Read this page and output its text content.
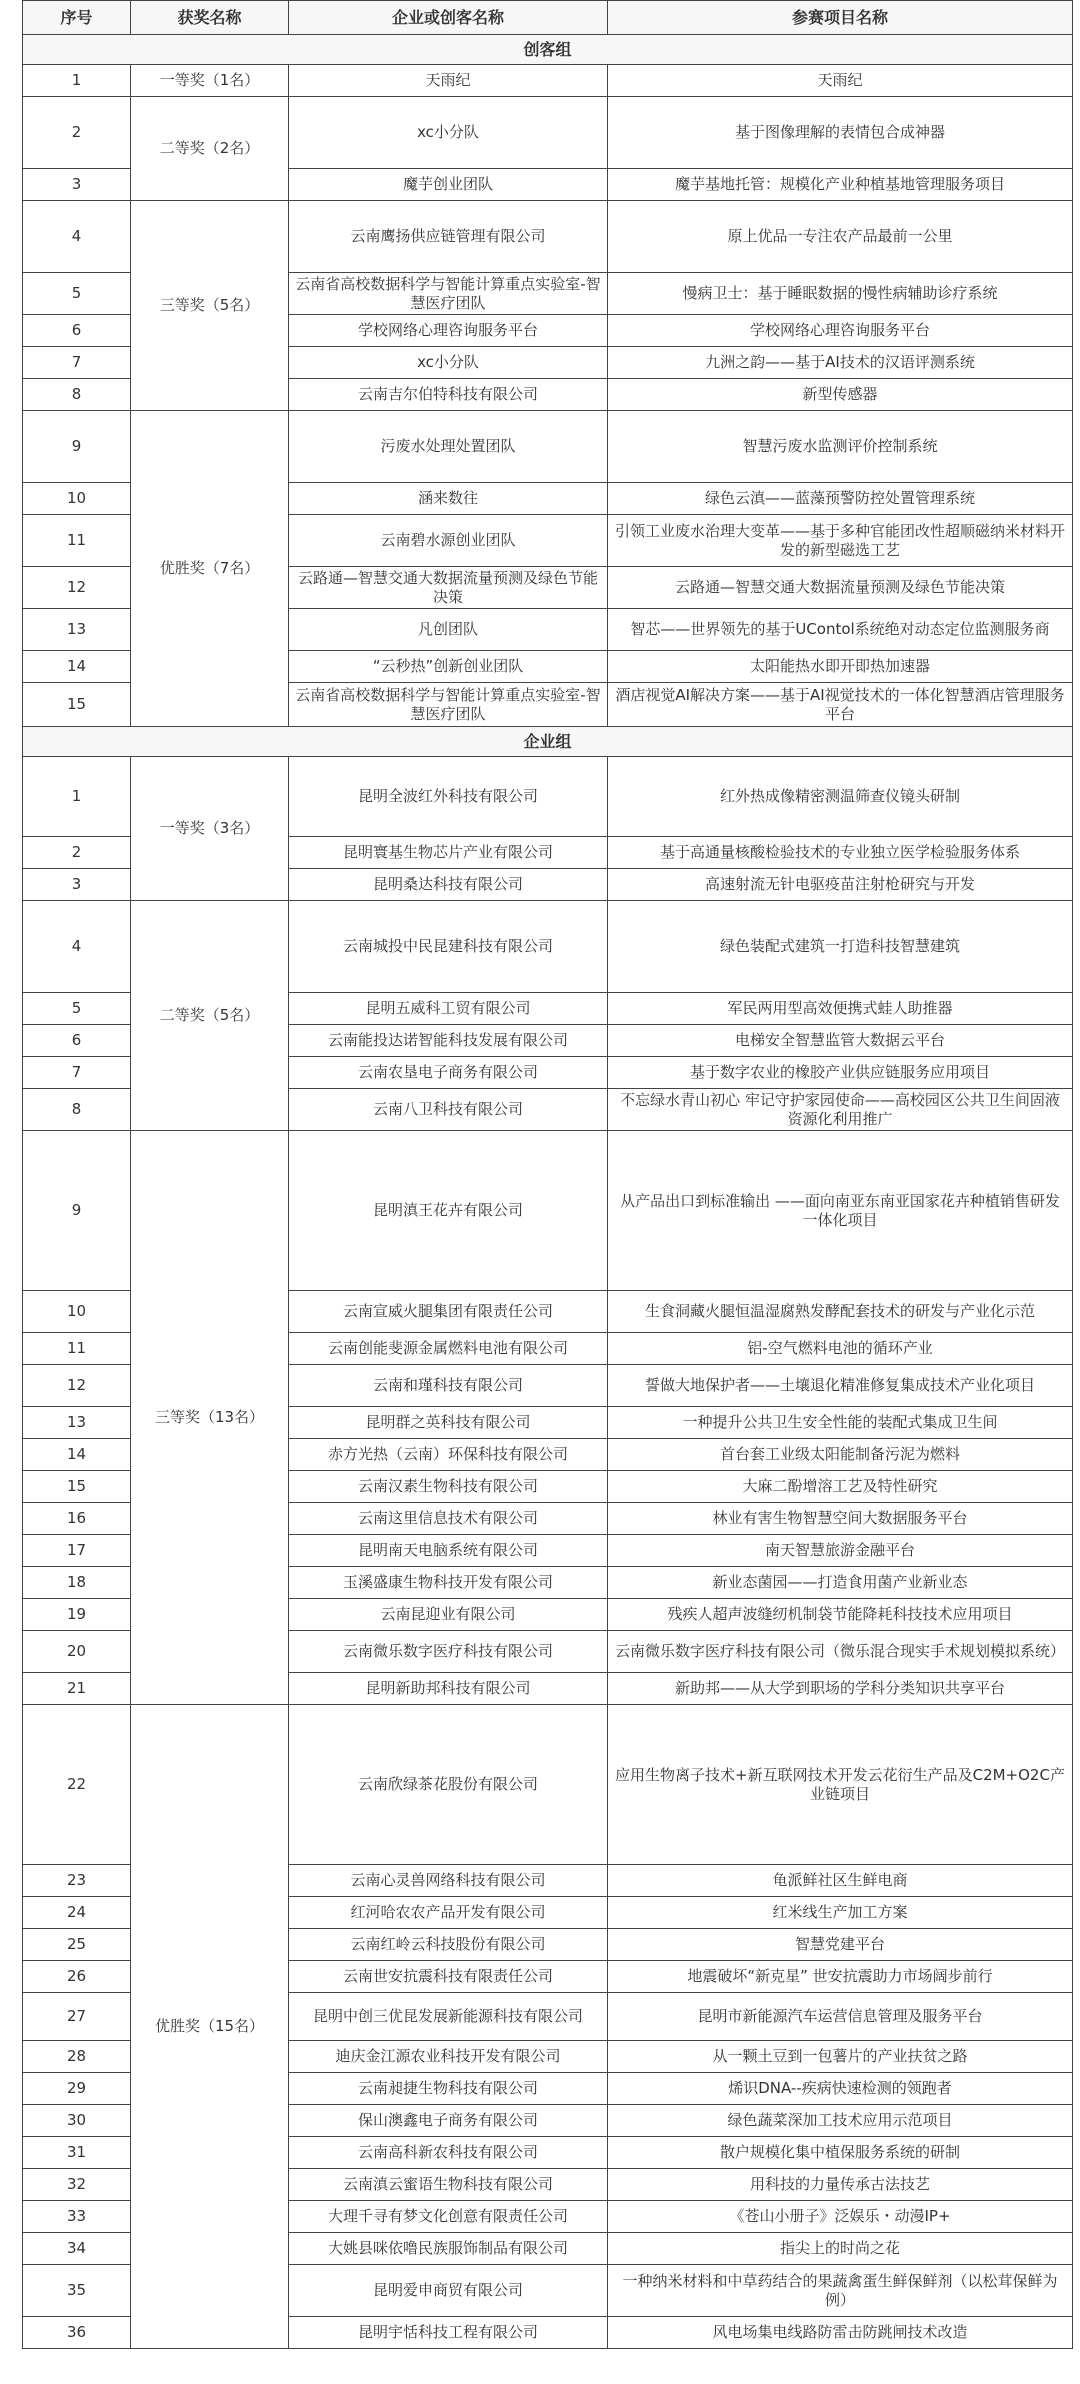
序号	获奖名称	企业或创客名称	参赛项目名称
创客组			
1	一等奖（1名）	天雨纪	天雨纪
2	二等奖（2名）	xc小分队	基于图像理解的表情包合成神器
3		魔芋创业团队	魔芋基地托管：规模化产业种植基地管理服务项目
4	三等奖（5名）	云南鹰扬供应链管理有限公司	原上优品一专注农产品最前一公里
5		云南省高校数据科学与智能计算重点实验室-智慧医疗团队	慢病卫士：基于睡眠数据的慢性病辅助诊疗系统
6		学校网络心理咨询服务平台	学校网络心理咨询服务平台
7		xc小分队	九洲之韵——基于AI技术的汉语评测系统
8		云南吉尔伯特科技有限公司	新型传感器
9	优胜奖（7名）	污废水处理处置团队	智慧污废水监测评价控制系统
10		涵来数往	绿色云滇——蓝藻预警防控处置管理系统
11		云南碧水源创业团队	引领工业废水治理大变革——基于多种官能团改性超顺磁纳米材料开发的新型磁选工艺
12		云路通—智慧交通大数据流量预测及绿色节能决策	云路通—智慧交通大数据流量预测及绿色节能决策
13		凡创团队	智芯——世界领先的基于UContol系统绝对动态定位监测服务商
14		“云秒热”创新创业团队	太阳能热水即开即热加速器
15		云南省高校数据科学与智能计算重点实验室-智慧医疗团队	酒店视觉AI解决方案——基于AI视觉技术的一体化智慧酒店管理服务平台
企业组			
1	一等奖（3名）	昆明全波红外科技有限公司	红外热成像精密测温筛查仪镜头研制
2		昆明寰基生物芯片产业有限公司	基于高通量核酸检验技术的专业独立医学检验服务体系
3		昆明桑达科技有限公司	高速射流无针电驱疫苗注射枪研究与开发
4	二等奖（5名）	云南城投中民昆建科技有限公司	绿色装配式建筑一打造科技智慧建筑
5		昆明五威科工贸有限公司	军民两用型高效便携式蛙人助推器
6		云南能投达诺智能科技发展有限公司	电梯安全智慧监管大数据云平台
7		云南农垦电子商务有限公司	基于数字农业的橡胶产业供应链服务应用项目
8		云南八卫科技有限公司	不忘绿水青山初心 牢记守护家园使命——高校园区公共卫生间固液资源化利用推广
9	三等奖（13名）	昆明滇王花卉有限公司	从产品出口到标准输出 ——面向南亚东南亚国家花卉种植销售研发一体化项目
10		云南宣威火腿集团有限责任公司	生食洞藏火腿恒温湿腐熟发酵配套技术的研发与产业化示范
11		云南创能斐源金属燃料电池有限公司	铝-空气燃料电池的循环产业
12		云南和瑾科技有限公司	誓做大地保护者——土壤退化精准修复集成技术产业化项目
13		昆明群之英科技有限公司	一种提升公共卫生安全性能的装配式集成卫生间
14		赤方光热（云南）环保科技有限公司	首台套工业级太阳能制备污泥为燃料
15		云南汉素生物科技有限公司	大麻二酚增溶工艺及特性研究
16		云南这里信息技术有限公司	林业有害生物智慧空间大数据服务平台
17		昆明南天电脑系统有限公司	南天智慧旅游金融平台
18		玉溪盛康生物科技开发有限公司	新业态菌园——打造食用菌产业新业态
19		云南昆迎业有限公司	残疾人超声波缝纫机制袋节能降耗科技技术应用项目
20		云南微乐数字医疗科技有限公司	云南微乐数字医疗科技有限公司（微乐混合现实手术规划模拟系统）
21		昆明新助邦科技有限公司	新助邦——从大学到职场的学科分类知识共享平台
22	优胜奖（15名）	云南欣绿茶花股份有限公司	应用生物离子技术+新互联网技术开发云花衍生产品及C2M+O2C产业链项目
23		云南心灵兽网络科技有限公司	龟派鲜社区生鲜电商
24		红河哈农农产品开发有限公司	红米线生产加工方案
25		云南红岭云科技股份有限公司	智慧党建平台
26		云南世安抗震科技有限责任公司	地震破坏“新克星” 世安抗震助力市场阔步前行
27		昆明中创三优昆发展新能源科技有限公司	昆明市新能源汽车运营信息管理及服务平台
28		迪庆金江源农业科技开发有限公司	从一颗土豆到一包薯片的产业扶贫之路
29		云南昶捷生物科技有限公司	烯识DNA--疾病快速检测的领跑者
30		保山澳鑫电子商务有限公司	绿色蔬菜深加工技术应用示范项目
31		云南高科新农科技有限公司	散户规模化集中植保服务系统的研制
32		云南滇云蜜语生物科技有限公司	用科技的力量传承古法技艺
33		大理千寻有梦文化创意有限责任公司	《苍山小册子》泛娱乐・动漫IP+
34		大姚县咪依噜民族服饰制品有限公司	指尖上的时尚之花
35		昆明爱申商贸有限公司	一种纳米材料和中草药结合的果蔬禽蛋生鲜保鲜剂（以松茸保鲜为例）
36		昆明宇恬科技工程有限公司	风电场集电线路防雷击防跳闸技术改造
